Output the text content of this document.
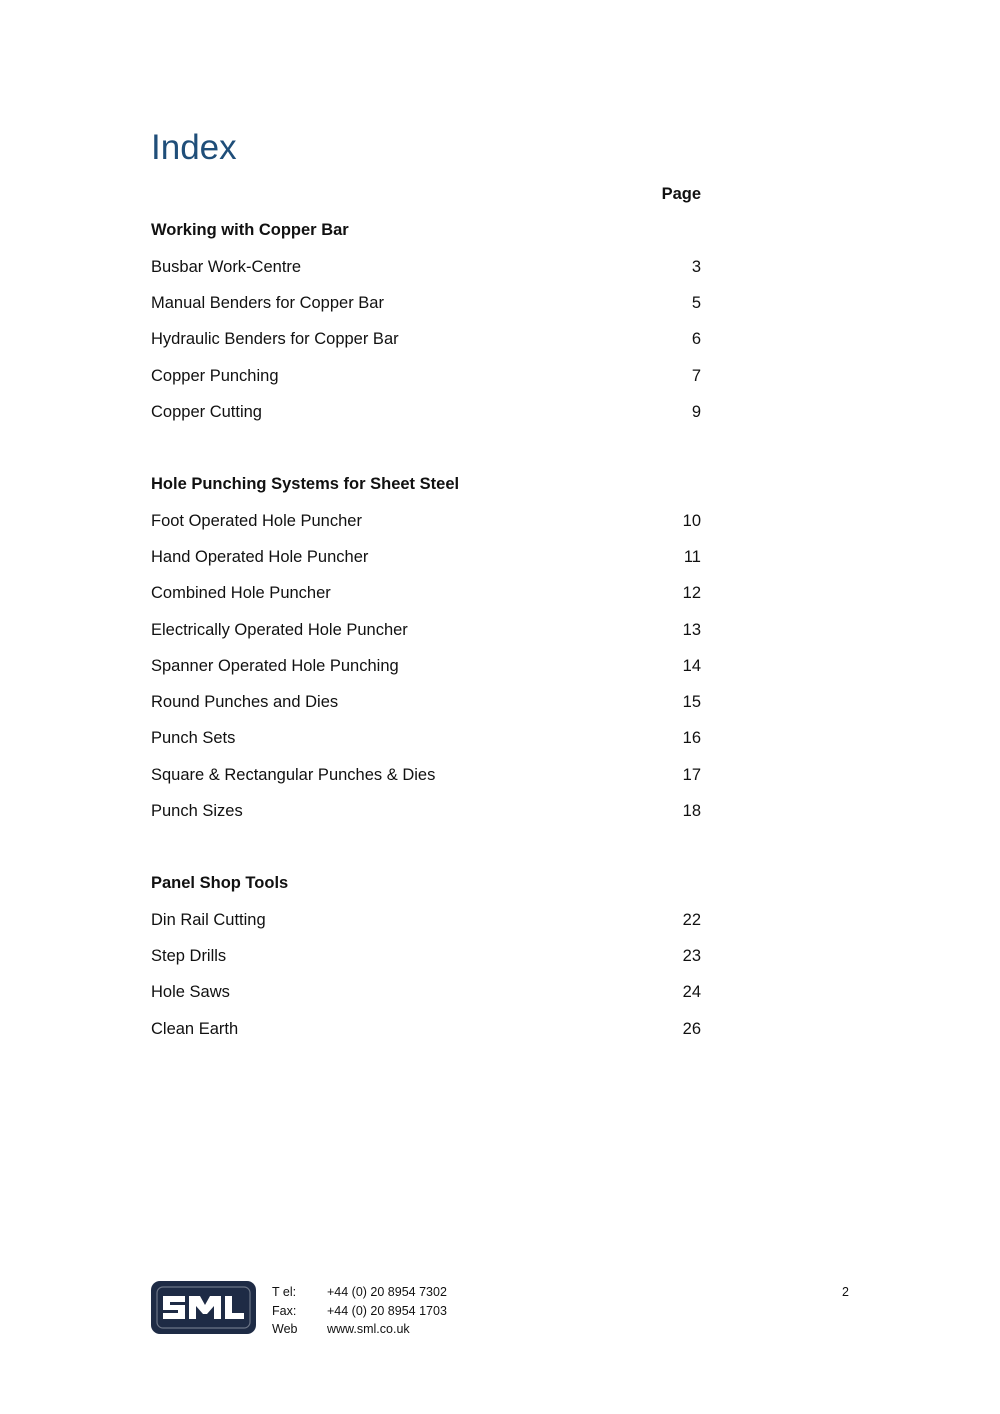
Index
Page
Working with Copper Bar
Busbar Work-Centre	3
Manual Benders for Copper Bar	5
Hydraulic Benders for Copper Bar	6
Copper Punching	7
Copper Cutting	9
Hole Punching Systems for Sheet Steel
Foot Operated Hole Puncher	10
Hand Operated Hole Puncher	11
Combined Hole Puncher	12
Electrically Operated Hole Puncher	13
Spanner Operated Hole Punching	14
Round Punches and Dies	15
Punch Sets	16
Square & Rectangular Punches & Dies	17
Punch Sizes	18
Panel Shop Tools
Din Rail Cutting	22
Step Drills	23
Hole Saws	24
Clean Earth	26
T el: +44 (0) 20 8954 7302
Fax: +44 (0) 20 8954 1703
Web www.sml.co.uk
2
